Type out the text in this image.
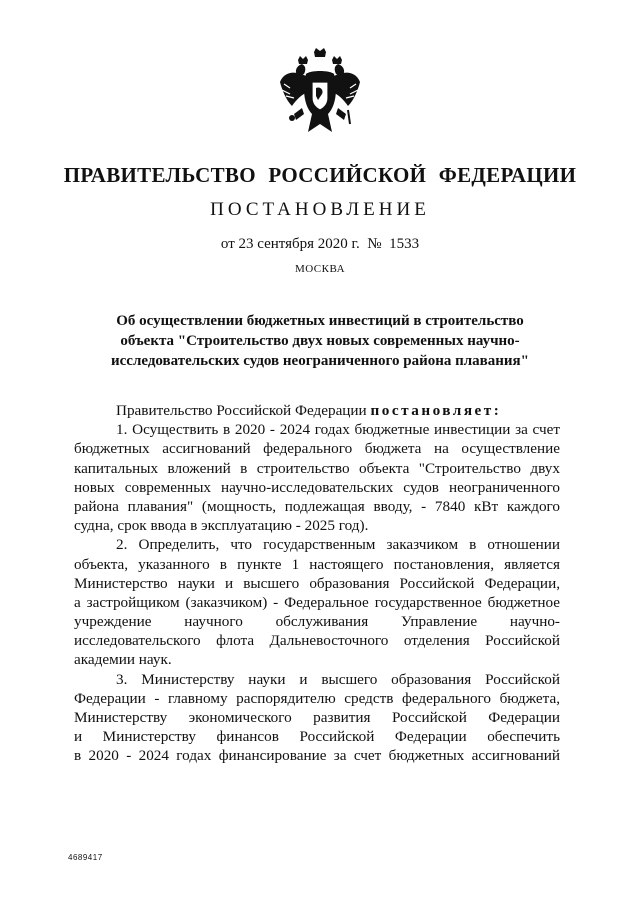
ПРАВИТЕЛЬСТВО РОССИЙСКОЙ ФЕДЕРАЦИИ
ПОСТАНОВЛЕНИЕ
от 23 сентября 2020 г. №  1533
МОСКВА
Об осуществлении бюджетных инвестиций в строительство
объекта "Строительство двух новых современных научно-
исследовательских судов неограниченного района плавания"
Правительство Российской Федерации постановляет:
1. Осуществить в 2020 - 2024 годах бюджетные инвестиции за счет
бюджетных ассигнований федерального бюджета на осуществление
капитальных вложений в строительство объекта "Строительство двух
новых современных научно-исследовательских судов неограниченного
района плавания" (мощность, подлежащая вводу, - 7840 кВт каждого
судна, срок ввода в эксплуатацию - 2025 год).
2. Определить, что государственным заказчиком в отношении
объекта, указанного в пункте 1 настоящего постановления, является
Министерство науки и высшего образования Российской Федерации,
а застройщиком (заказчиком) - Федеральное государственное бюджетное
учреждение научного обслуживания Управление научно-
исследовательского флота Дальневосточного отделения Российской
академии наук.
3. Министерству науки и высшего образования Российской
Федерации - главному распорядителю средств федерального бюджета,
Министерству экономического развития Российской Федерации
и Министерству финансов Российской Федерации обеспечить
в 2020 - 2024 годах финансирование за счет бюджетных ассигнований
4689417
